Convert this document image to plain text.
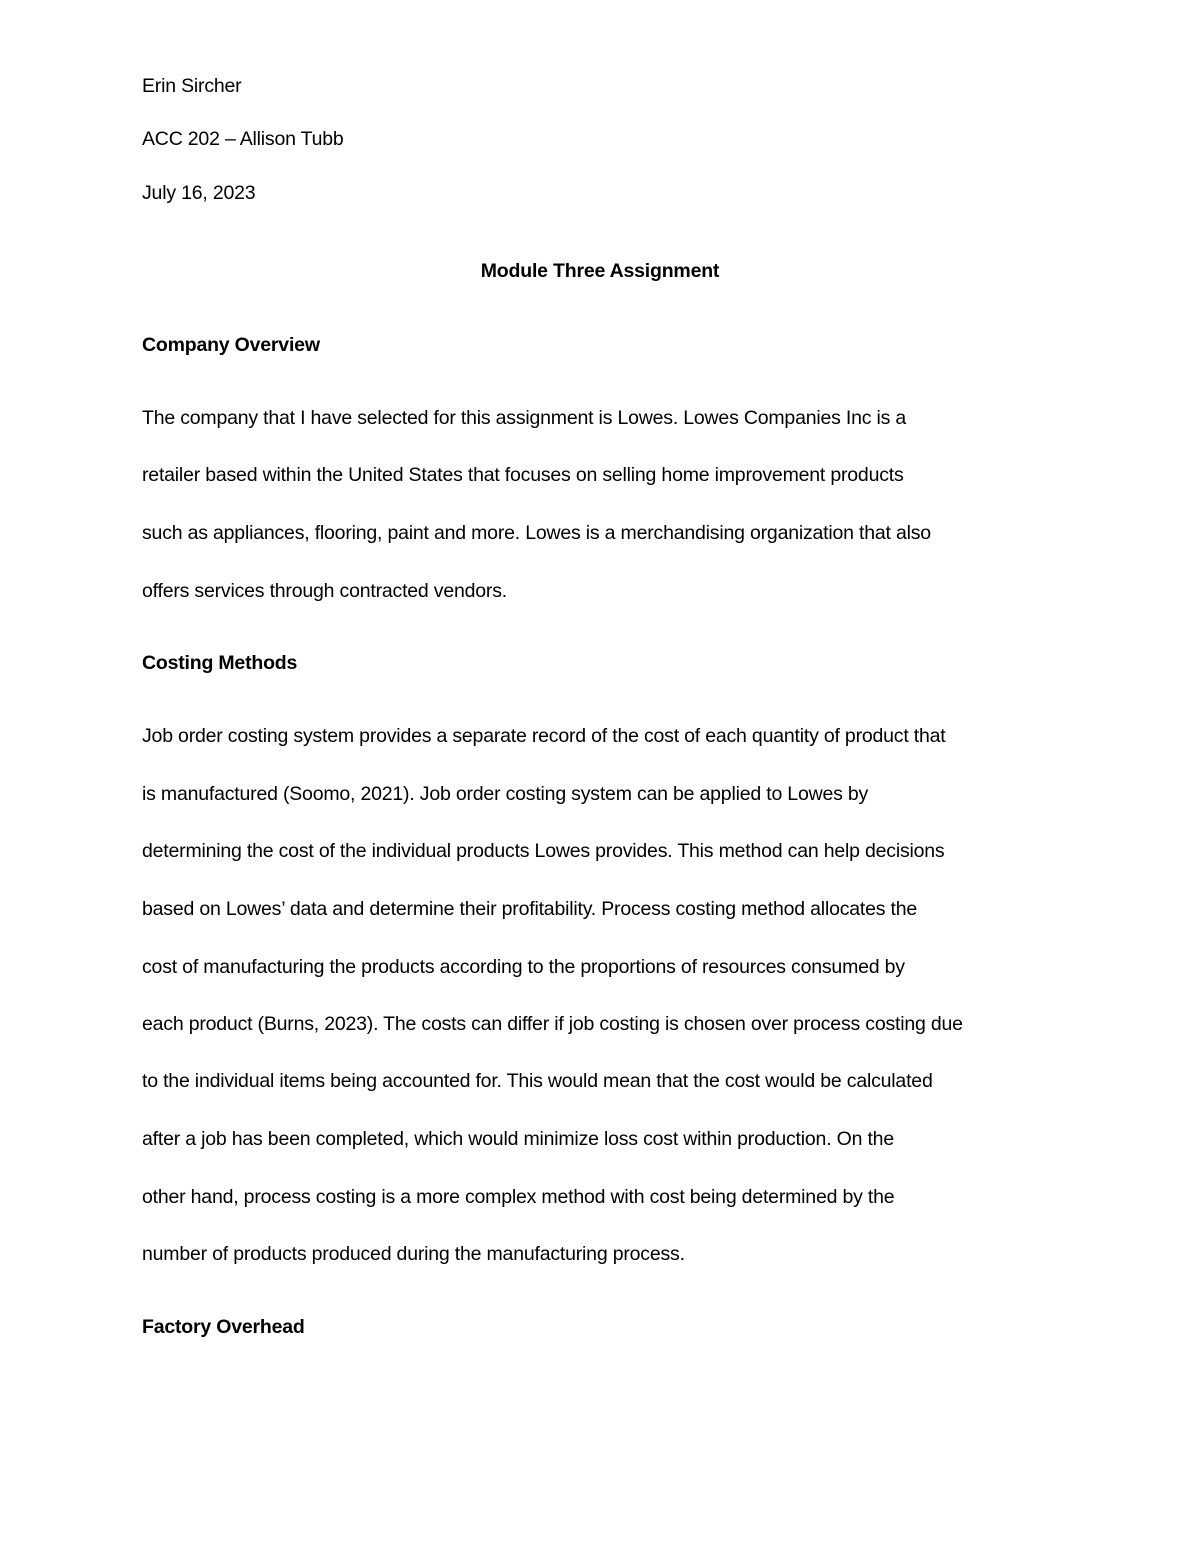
Erin Sircher
ACC 202 – Allison Tubb
July 16, 2023
Module Three Assignment
Company Overview
The company that I have selected for this assignment is Lowes. Lowes Companies Inc is a
retailer based within the United States that focuses on selling home improvement products
such as appliances, flooring, paint and more. Lowes is a merchandising organization that also
offers services through contracted vendors.
Costing Methods
Job order costing system provides a separate record of the cost of each quantity of product that
is manufactured (Soomo, 2021). Job order costing system can be applied to Lowes by
determining the cost of the individual products Lowes provides. This method can help decisions
based on Lowes’ data and determine their profitability. Process costing method allocates the
cost of manufacturing the products according to the proportions of resources consumed by
each product (Burns, 2023). The costs can differ if job costing is chosen over process costing due
to the individual items being accounted for. This would mean that the cost would be calculated
after a job has been completed, which would minimize loss cost within production. On the
other hand, process costing is a more complex method with cost being determined by the
number of products produced during the manufacturing process.
Factory Overhead
